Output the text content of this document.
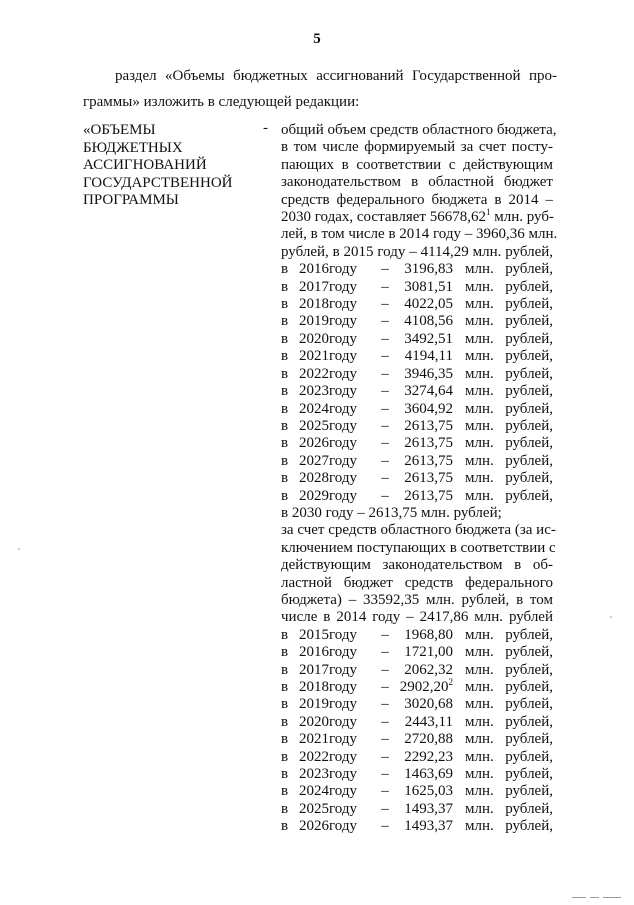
5
раздел «Объемы бюджетных ассигнований Государственной про-
граммы» изложить в следующей редакции:
«ОБЪЕМЫ
БЮДЖЕТНЫХ
АССИГНОВАНИЙ
ГОСУДАРСТВЕННОЙ
ПРОГРАММЫ
- общий объем средств областного бюджета,
в том числе формируемый за счет посту-
пающих в соответствии с действующим
законодательством в областной бюджет
средств федерального бюджета в 2014 –
2030 годах, составляет 56678,62$^1$ млн. руб-
лей, в том числе в 2014 году – 3960,36 млн.
рублей, в 2015 году – 4114,29 млн. рублей,
в 2016 году	–	3196,83 млн. рублей,
в 2017 году	–	3081,51 млн. рублей,
в 2018 году	–	4022,05 млн. рублей,
в 2019 году	–	4108,56 млн. рублей,
в 2020 году	–	3492,51 млн. рублей,
в 2021 году	–	4194,11 млн. рублей,
в 2022 году	–	3946,35 млн. рублей,
в 2023 году	–	3274,64 млн. рублей,
в 2024 году	–	3604,92 млн. рублей,
в 2025 году	–	2613,75 млн. рублей,
в 2026 году	–	2613,75 млн. рублей,
в 2027 году	–	2613,75 млн. рублей,
в 2028 году	–	2613,75 млн. рублей,
в 2029 году	–	2613,75 млн. рублей,
в 2030 году – 2613,75 млн. рублей;
за счет средств областного бюджета (за ис-
ключением поступающих в соответствии с
действующим законодательством в об-
ластной бюджет средств федерального
бюджета) – 33592,35 млн. рублей, в том
числе в 2014 году – 2417,86 млн. рублей
в 2015 году	–	1968,80 млн. рублей,
в 2016 году	–	1721,00 млн. рублей,
в 2017 году	–	2062,32 млн. рублей,
в 2018 году	– 2902,20$^2$ млн. рублей,
в 2019 году	–	3020,68 млн. рублей,
в 2020 году	–	2443,11 млн. рублей,
в 2021 году	–	2720,88 млн. рублей,
в 2022 году	–	2292,23 млн. рублей,
в 2023 году	–	1463,69 млн. рублей,
в 2024 году	–	1625,03 млн. рублей,
в 2025 году	–	1493,37 млн. рублей,
в 2026 году	–	1493,37 млн. рублей,
